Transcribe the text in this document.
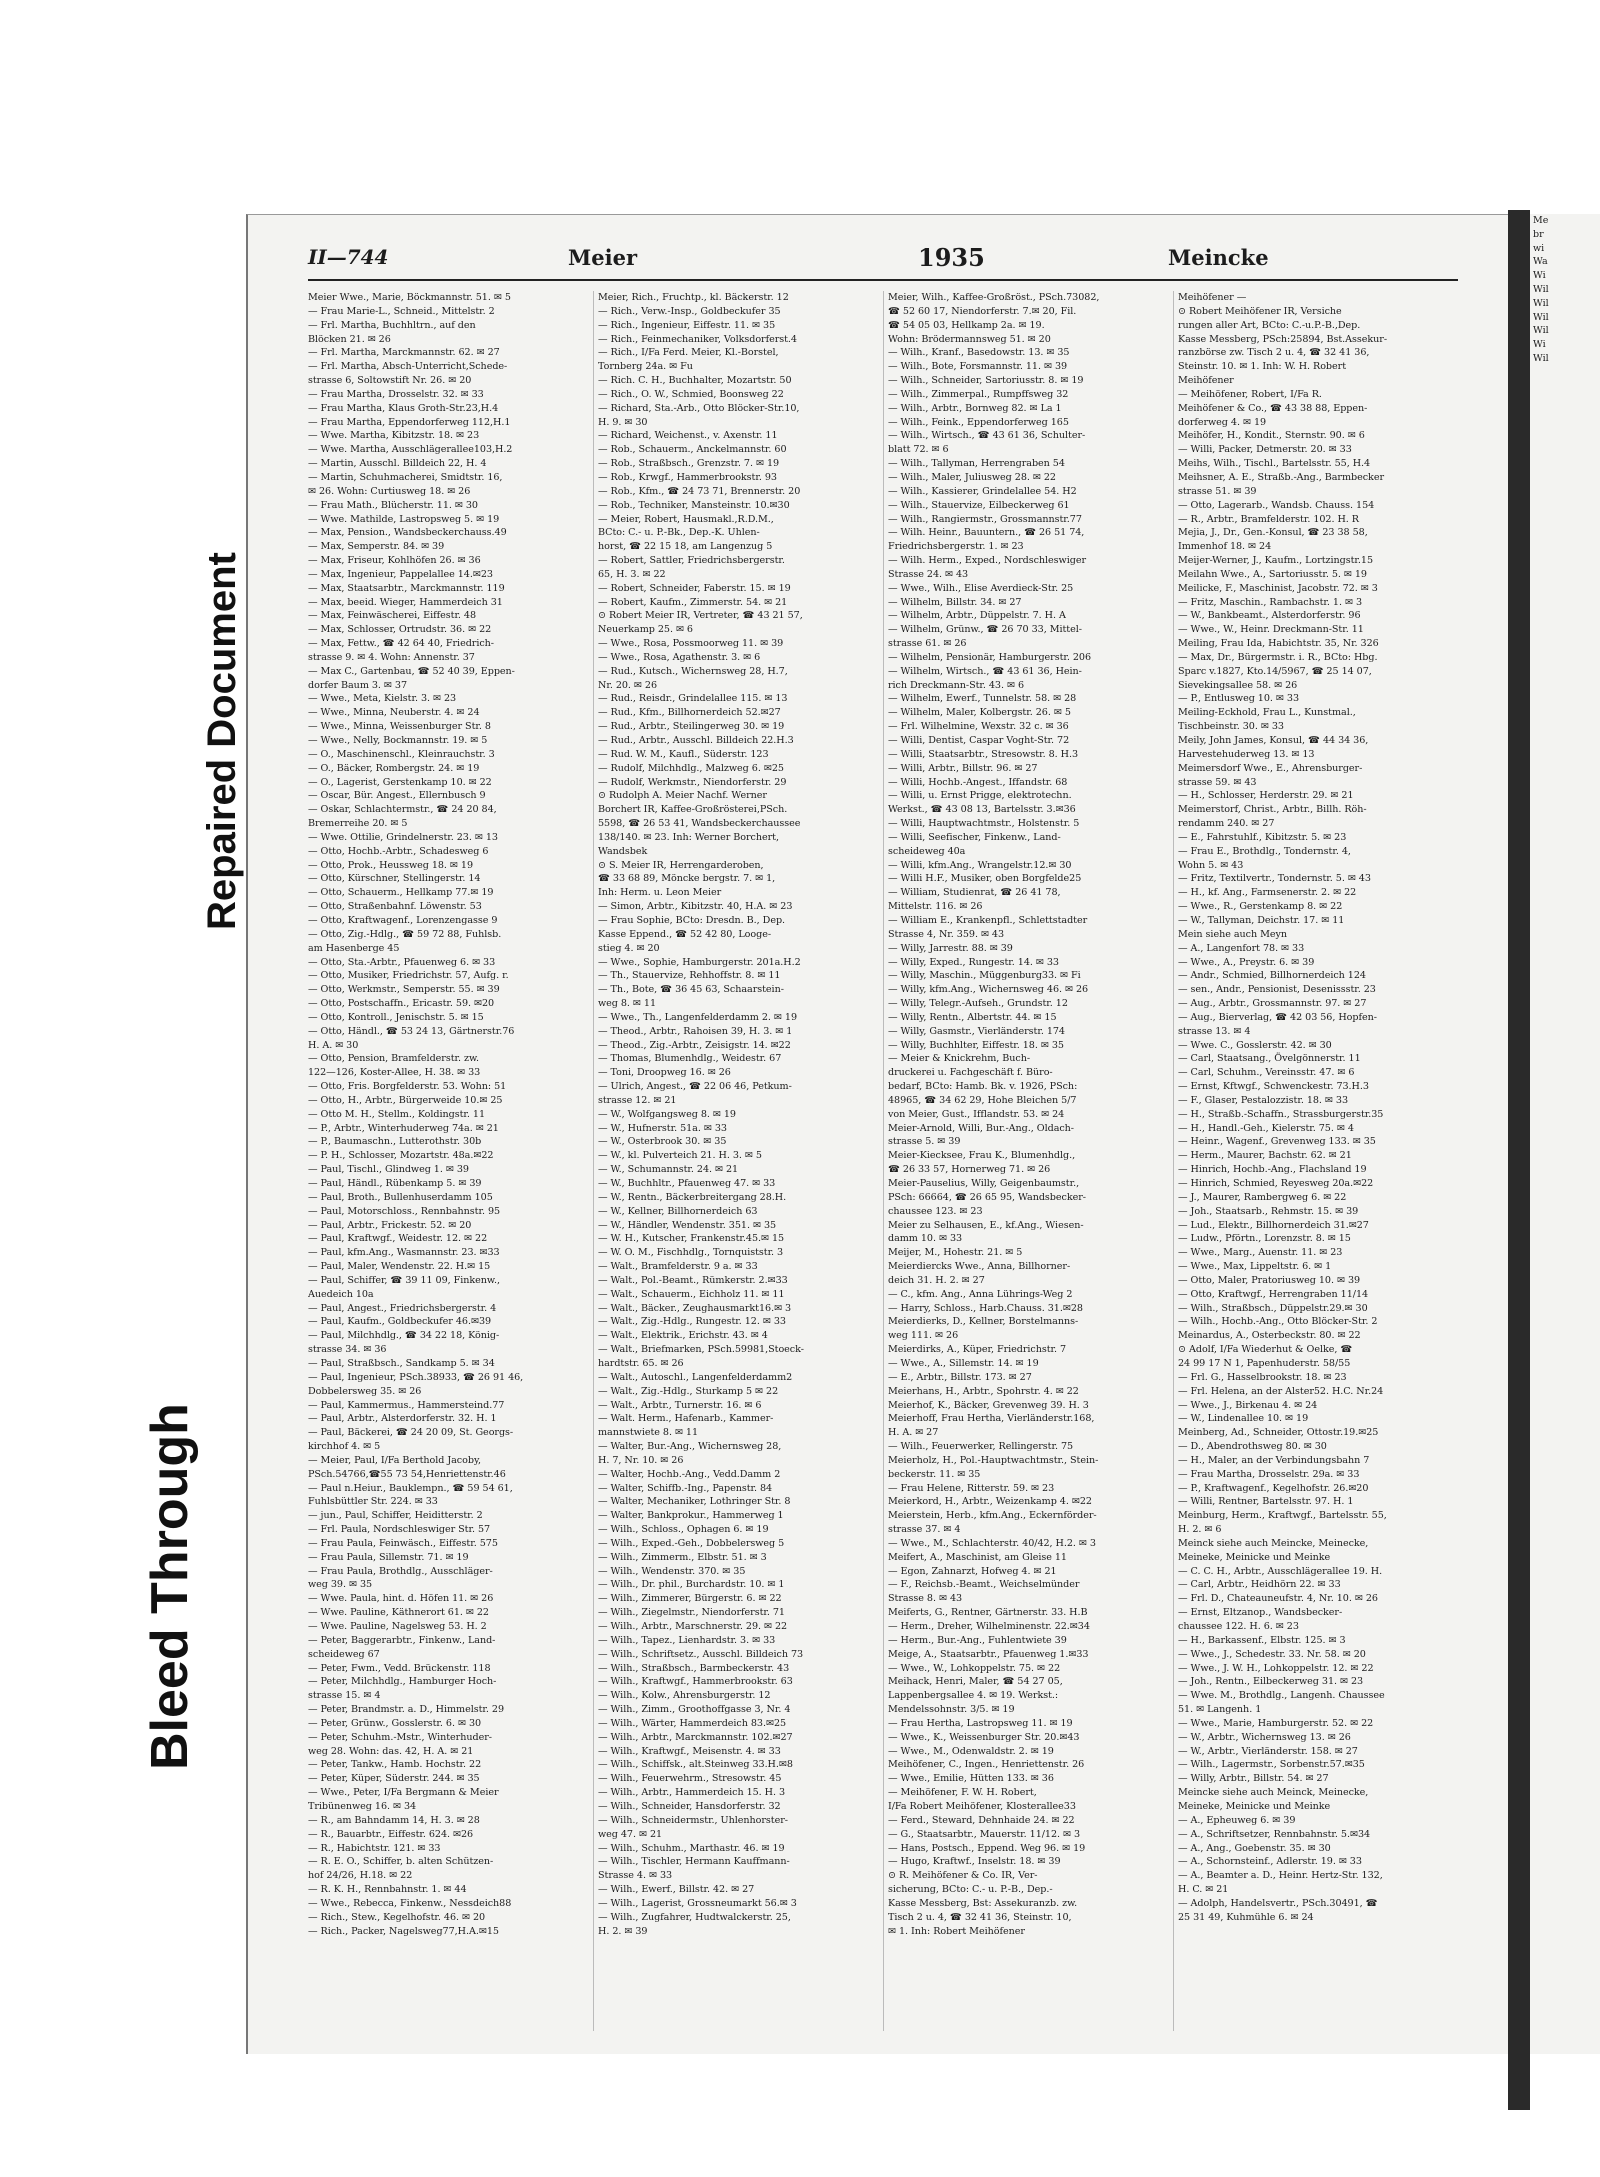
Bleed Through
Repaired Document
II—744	Meier	1935	Meincke
Meier Wwe., Marie, Böckmannstr. 51. ✉ 5
— Frau Marie-L., Schneid., Mittelstr. 2
— Frl. Martha, Buchhltrn., auf den
Blöcken 21. ✉ 26
— Frl. Martha, Marckmannstr. 62. ✉ 27
— Frl. Martha, Absch-Unterricht,Schede-
strasse 6, Soltowstift Nr. 26. ✉ 20
— Frau Martha, Drosselstr. 32. ✉ 33
— Frau Martha, Klaus Groth-Str.23,H.4
— Frau Martha, Eppendorferweg 112,H.1
— Wwe. Martha, Kibitzstr. 18. ✉ 23
— Wwe. Martha, Ausschlägerallee103,H.2
— Martin, Ausschl. Billdeich 22, H. 4
— Martin, Schuhmacherei, Smidtstr. 16,
✉ 26. Wohn: Curtiusweg 18. ✉ 26
— Frau Math., Blücherstr. 11. ✉ 30
— Wwe. Mathilde, Lastropsweg 5. ✉ 19
— Max, Pension., Wandsbeckerchauss.49
— Max, Semperstr. 84. ✉ 39
— Max, Friseur, Kohlhöfen 26. ✉ 36
— Max, Ingenieur, Pappelallee 14.✉23
— Max, Staatsarbtr., Marckmannstr. 119
— Max, beeid. Wieger, Hammerdeich 31
— Max, Feinwäscherei, Eiffestr. 48
— Max, Schlosser, Ortrudstr. 36. ✉ 22
— Max, Fettw., ☎ 42 64 40, Friedrich-
strasse 9. ✉ 4. Wohn: Annenstr. 37
— Max C., Gartenbau, ☎ 52 40 39, Eppen-
dorfer Baum 3. ✉ 37
— Wwe., Meta, Kielstr. 3. ✉ 23
— Wwe., Minna, Neuberstr. 4. ✉ 24
— Wwe., Minna, Weissenburger Str. 8
— Wwe., Nelly, Bockmannstr. 19. ✉ 5
— O., Maschinenschl., Kleinrauchstr. 3
— O., Bäcker, Rombergstr. 24. ✉ 19
— O., Lagerist, Gerstenkamp 10. ✉ 22
— Oscar, Bür. Angest., Ellernbusch 9
— Oskar, Schlachtermstr., ☎ 24 20 84,
Bremerreihe 20. ✉ 5
— Wwe. Ottilie, Grindelnerstr. 23. ✉ 13
— Otto, Hochb.-Arbtr., Schadesweg 6
— Otto, Prok., Heussweg 18. ✉ 19
— Otto, Kürschner, Stellingerstr. 14
— Otto, Schauerm., Hellkamp 77.✉ 19
— Otto, Straßenbahnf. Löwenstr. 53
— Otto, Kraftwagenf., Lorenzengasse 9
— Otto, Zig.-Hdlg., ☎ 59 72 88, Fuhlsb.
am Hasenberge 45
— Otto, Sta.-Arbtr., Pfauenweg 6. ✉ 33
— Otto, Musiker, Friedrichstr. 57, Aufg. r.
— Otto, Werkmstr., Semperstr. 55. ✉ 39
— Otto, Postschaffn., Ericastr. 59. ✉20
— Otto, Kontroll., Jenischstr. 5. ✉ 15
— Otto, Händl., ☎ 53 24 13, Gärtnerstr.76
H. A. ✉ 30
— Otto, Pension, Bramfelderstr. zw.
122—126, Koster-Allee, H. 38. ✉ 33
— Otto, Fris. Borgfelderstr. 53. Wohn: 51
— Otto, H., Arbtr., Bürgerweide 10.✉ 25
— Otto M. H., Stellm., Koldingstr. 11
— P., Arbtr., Winterhuderweg 74a. ✉ 21
— P., Baumaschn., Lutterothstr. 30b
— P. H., Schlosser, Mozartstr. 48a.✉22
— Paul, Tischl., Glindweg 1. ✉ 39
— Paul, Händl., Rübenkamp 5. ✉ 39
— Paul, Broth., Bullenhuserdamm 105
— Paul, Motorschloss., Rennbahnstr. 95
— Paul, Arbtr., Frickestr. 52. ✉ 20
— Paul, Kraftwgf., Weidestr. 12. ✉ 22
— Paul, kfm.Ang., Wasmannstr. 23. ✉33
— Paul, Maler, Wendenstr. 22. H.✉ 15
— Paul, Schiffer, ☎ 39 11 09, Finkenw.,
Auedeich 10a
— Paul, Angest., Friedrichsbergerstr. 4
— Paul, Kaufm., Goldbeckufer 46.✉39
— Paul, Milchhdlg., ☎ 34 22 18, König-
strasse 34. ✉ 36
— Paul, Straßbsch., Sandkamp 5. ✉ 34
— Paul, Ingenieur, PSch.38933, ☎ 26 91 46,
Dobbelersweg 35. ✉ 26
— Paul, Kammermus., Hammersteind.77
— Paul, Arbtr., Alsterdorferstr. 32. H. 1
— Paul, Bäckerei, ☎ 24 20 09, St. Georgs-
kirchhof 4. ✉ 5
— Meier, Paul, I/Fa Berthold Jacoby,
PSch.54766,☎55 73 54,Henriettenstr.46
— Paul n.Heiur., Bauklempn., ☎ 59 54 61,
Fuhlsbüttler Str. 224. ✉ 33
— jun., Paul, Schiffer, Heiditterstr. 2
— Frl. Paula, Nordschleswiger Str. 57
— Frau Paula, Feinwäsch., Eiffestr. 575
— Frau Paula, Sillemstr. 71. ✉ 19
— Frau Paula, Brothdlg., Ausschläger-
weg 39. ✉ 35
— Wwe. Paula, hint. d. Höfen 11. ✉ 26
— Wwe. Pauline, Käthnerort 61. ✉ 22
— Wwe. Pauline, Nagelsweg 53. H. 2
— Peter, Baggerarbtr., Finkenw., Land-
scheideweg 67
— Peter, Fwm., Vedd. Brückenstr. 118
— Peter, Milchhdlg., Hamburger Hoch-
strasse 15. ✉ 4
— Peter, Brandmstr. a. D., Himmelstr. 29
— Peter, Grünw., Gosslerstr. 6. ✉ 30
— Peter, Schuhm.-Mstr., Winterhuder-
weg 28. Wohn: das. 42, H. A. ✉ 21
— Peter, Tankw., Hamb. Hochstr. 22
— Peter, Küper, Süderstr. 244. ✉ 35
— Wwe., Peter, I/Fa Bergmann & Meier
Tribünenweg 16. ✉ 34
— R., am Bahndamm 14, H. 3. ✉ 28
— R., Bauarbtr., Eiffestr. 624. ✉26
— R., Habichtstr. 121. ✉ 33
— R. E. O., Schiffer, b. alten Schützen-
hof 24/26, H.18. ✉ 22
— R. K. H., Rennbahnstr. 1. ✉ 44
— Wwe., Rebecca, Finkenw., Nessdeich88
— Rich., Stew., Kegelhofstr. 46. ✉ 20
— Rich., Packer, Nagelsweg77,H.A.✉15
Meier, Rich., Fruchtp., kl. Bäckerstr. 12
— Rich., Verw.-Insp., Goldbeckufer 35
— Rich., Ingenieur, Eiffestr. 11. ✉ 35
— Rich., Feinmechaniker, Volksdorferst.4
— Rich., I/Fa Ferd. Meier, Kl.-Borstel,
Tornberg 24a. ✉ Fu
— Rich. C. H., Buchhalter, Mozartstr. 50
— Rich., O. W., Schmied, Boonsweg 22
— Richard, Sta.-Arb., Otto Blöcker-Str.10,
H. 9. ✉ 30
— Richard, Weichenst., v. Axenstr. 11
— Rob., Schauerm., Anckelmannstr. 60
— Rob., Straßbsch., Grenzstr. 7. ✉ 19
— Rob., Krwgf., Hammerbrookstr. 93
— Rob., Kfm., ☎ 24 73 71, Brennerstr. 20
— Rob., Techniker, Mansteinstr. 10.✉30
— Meier, Robert, Hausmakl.,R.D.M.,
BCto: C.- u. P.-Bk., Dep.-K. Uhlen-
horst, ☎ 22 15 18, am Langenzug 5
— Robert, Sattler, Friedrichsbergerstr.
65, H. 3. ✉ 22
— Robert, Schneider, Faberstr. 15. ✉ 19
— Robert, Kaufm., Zimmerstr. 54. ✉ 21
⊙ Robert Meier IR, Vertreter, ☎ 43 21 57,
Neuerkamp 25. ✉ 6
— Wwe., Rosa, Possmoorweg 11. ✉ 39
— Wwe., Rosa, Agathenstr. 3. ✉ 6
— Rud., Kutsch., Wichernsweg 28, H.7,
Nr. 20. ✉ 26
— Rud., Reisdr., Grindelallee 115. ✉ 13
— Rud., Kfm., Billhornerdeich 52.✉27
— Rud., Arbtr., Steilingerweg 30. ✉ 19
— Rud., Arbtr., Ausschl. Billdeich 22.H.3
— Rud. W. M., Kaufl., Süderstr. 123
— Rudolf, Milchhdlg., Malzweg 6. ✉25
— Rudolf, Werkmstr., Niendorferstr. 29
⊙ Rudolph A. Meier Nachf. Werner
Borchert IR, Kaffee-Großrösterei,PSch.
5598, ☎ 26 53 41, Wandsbeckerchaussee
138/140. ✉ 23. Inh: Werner Borchert,
Wandsbek
⊙ S. Meier IR, Herrengarderoben,
☎ 33 68 89, Möncke bergstr. 7. ✉ 1,
Inh: Herm. u. Leon Meier
— Simon, Arbtr., Kibitzstr. 40, H.A. ✉ 23
— Frau Sophie, BCto: Dresdn. B., Dep.
Kasse Eppend., ☎ 52 42 80, Looge-
stieg 4. ✉ 20
— Wwe., Sophie, Hamburgerstr. 201a.H.2
— Th., Stauervize, Rehhoffstr. 8. ✉ 11
— Th., Bote, ☎ 36 45 63, Schaarstein-
weg 8. ✉ 11
— Wwe., Th., Langenfelderdamm 2. ✉ 19
— Theod., Arbtr., Rahoisen 39, H. 3. ✉ 1
— Theod., Zig.-Arbtr., Zeisigstr. 14. ✉22
— Thomas, Blumenhdlg., Weidestr. 67
— Toni, Droopweg 16. ✉ 26
— Ulrich, Angest., ☎ 22 06 46, Petkum-
strasse 12. ✉ 21
— W., Wolfgangsweg 8. ✉ 19
— W., Hufnerstr. 51a. ✉ 33
— W., Osterbrook 30. ✉ 35
— W., kl. Pulverteich 21. H. 3. ✉ 5
— W., Schumannstr. 24. ✉ 21
— W., Buchhltr., Pfauenweg 47. ✉ 33
— W., Rentn., Bäckerbreitergang 28.H.
— W., Kellner, Billhornerdeich 63
— W., Händler, Wendenstr. 351. ✉ 35
— W. H., Kutscher, Frankenstr.45.✉ 15
— W. O. M., Fischhdlg., Tornquiststr. 3
— Walt., Bramfelderstr. 9 a. ✉ 33
— Walt., Pol.-Beamt., Rümkerstr. 2.✉33
— Walt., Schauerm., Eichholz 11. ✉ 11
— Walt., Bäcker., Zeughausmarkt16.✉ 3
— Walt., Zig.-Hdlg., Rungestr. 12. ✉ 33
— Walt., Elektrik., Erichstr. 43. ✉ 4
— Walt., Briefmarken, PSch.59981,Stoeck-
hardtstr. 65. ✉ 26
— Walt., Autoschl., Langenfelderdamm2
— Walt., Zig.-Hdlg., Sturkamp 5 ✉ 22
— Walt., Arbtr., Turnerstr. 16. ✉ 6
— Walt. Herm., Hafenarb., Kammer-
mannstwiete 8. ✉ 11
— Walter, Bur.-Ang., Wichernsweg 28,
H. 7, Nr. 10. ✉ 26
— Walter, Hochb.-Ang., Vedd.Damm 2
— Walter, Schiffb.-Ing., Papenstr. 84
— Walter, Mechaniker, Lothringer Str. 8
— Walter, Bankprokur., Hammerweg 1
— Wilh., Schloss., Ophagen 6. ✉ 19
— Wilh., Exped.-Geh., Dobbelersweg 5
— Wilh., Zimmerm., Elbstr. 51. ✉ 3
— Wilh., Wendenstr. 370. ✉ 35
— Wilh., Dr. phil., Burchardstr. 10. ✉ 1
— Wilh., Zimmerer, Bürgerstr. 6. ✉ 22
— Wilh., Ziegelmstr., Niendorferstr. 71
— Wilh., Arbtr., Marschnerstr. 29. ✉ 22
— Wilh., Tapez., Lienhardstr. 3. ✉ 33
— Wilh., Schriftsetz., Ausschl. Billdeich 73
— Wilh., Straßbsch., Barmbeckerstr. 43
— Wilh., Kraftwgf., Hammerbrookstr. 63
— Wilh., Kolw., Ahrensburgerstr. 12
— Wilh., Zimm., Groothoffgasse 3, Nr. 4
— Wilh., Wärter, Hammerdeich 83.✉25
— Wilh., Arbtr., Marckmannstr. 102.✉27
— Wilh., Kraftwgf., Meisenstr. 4. ✉ 33
— Wilh., Schiffsk., alt.Steinweg 33.H.✉8
— Wilh., Feuerwehrm., Stresowstr. 45
— Wilh., Arbtr., Hammerdeich 15. H. 3
— Wilh., Schneider, Hansdorferstr. 32
— Wilh., Schneidermstr., Uhlenhorster-
weg 47. ✉ 21
— Wilh., Schuhm., Marthastr. 46. ✉ 19
— Wilh., Tischler, Hermann Kauffmann-
Strasse 4. ✉ 33
— Wilh., Ewerf., Billstr. 42. ✉ 27
— Wilh., Lagerist, Grossneumarkt 56.✉ 3
— Wilh., Zugfahrer, Hudtwalckerstr. 25,
H. 2. ✉ 39
Meier, Wilh., Kaffee-Großröst., PSch.73082,
☎ 52 60 17, Niendorferstr. 7.✉ 20, Fil.
☎ 54 05 03, Hellkamp 2a. ✉ 19.
Wohn: Brödermannsweg 51. ✉ 20
— Wilh., Kranf., Basedowstr. 13. ✉ 35
— Wilh., Bote, Forsmannstr. 11. ✉ 39
— Wilh., Schneider, Sartoriusstr. 8. ✉ 19
— Wilh., Zimmerpal., Rumpffsweg 32
— Wilh., Arbtr., Bornweg 82. ✉ La 1
— Wilh., Feink., Eppendorferweg 165
— Wilh., Wirtsch., ☎ 43 61 36, Schulter-
blatt 72. ✉ 6
— Wilh., Tallyman, Herrengraben 54
— Wilh., Maler, Juliusweg 28. ✉ 22
— Wilh., Kassierer, Grindelallee 54. H2
— Wilh., Stauervize, Eilbeckerweg 61
— Wilh., Rangiermstr., Grossmannstr.77
— Wilh. Heinr., Bauuntern., ☎ 26 51 74,
Friedrichsbergerstr. 1. ✉ 23
— Wilh. Herm., Exped., Nordschleswiger
Strasse 24. ✉ 43
— Wwe., Wilh., Elise Averdieck-Str. 25
— Wilhelm, Billstr. 34. ✉ 27
— Wilhelm, Arbtr., Düppelstr. 7. H. A
— Wilhelm, Grünw., ☎ 26 70 33, Mittel-
strasse 61. ✉ 26
— Wilhelm, Pensionär, Hamburgerstr. 206
— Wilhelm, Wirtsch., ☎ 43 61 36, Hein-
rich Dreckmann-Str. 43. ✉ 6
— Wilhelm, Ewerf., Tunnelstr. 58. ✉ 28
— Wilhelm, Maler, Kolbergstr. 26. ✉ 5
— Frl. Wilhelmine, Wexstr. 32 c. ✉ 36
— Willi, Dentist, Caspar Voght-Str. 72
— Willi, Staatsarbtr., Stresowstr. 8. H.3
— Willi, Arbtr., Billstr. 96. ✉ 27
— Willi, Hochb.-Angest., Iffandstr. 68
— Willi, u. Ernst Prigge, elektrotechn.
Werkst., ☎ 43 08 13, Bartelsstr. 3.✉36
— Willi, Hauptwachtmstr., Holstenstr. 5
— Willi, Seefischer, Finkenw., Land-
scheideweg 40a
— Willi, kfm.Ang., Wrangelstr.12.✉ 30
— Willi H.F., Musiker, oben Borgfelde25
— William, Studienrat, ☎ 26 41 78,
Mittelstr. 116. ✉ 26
— William E., Krankenpfl., Schlettstadter
Strasse 4, Nr. 359. ✉ 43
— Willy, Jarrestr. 88. ✉ 39
— Willy, Exped., Rungestr. 14. ✉ 33
— Willy, Maschin., Müggenburg33. ✉ Fi
— Willy, kfm.Ang., Wichernsweg 46. ✉ 26
— Willy, Telegr.-Aufseh., Grundstr. 12
— Willy, Rentn., Albertstr. 44. ✉ 15
— Willy, Gasmstr., Vierländerstr. 174
— Willy, Buchhlter, Eiffestr. 18. ✉ 35
— Meier & Knickrehm, Buch-
druckerei u. Fachgeschäft f. Büro-
bedarf, BCto: Hamb. Bk. v. 1926, PSch:
48965, ☎ 34 62 29, Hohe Bleichen 5/7
von Meier, Gust., Ifflandstr. 53. ✉ 24
Meier-Arnold, Willi, Bur.-Ang., Oldach-
strasse 5. ✉ 39
Meier-Kiecksee, Frau K., Blumenhdlg.,
☎ 26 33 57, Hornerweg 71. ✉ 26
Meier-Pauselius, Willy, Geigenbaumstr.,
PSch: 66664, ☎ 26 65 95, Wandsbecker-
chaussee 123. ✉ 23
Meier zu Selhausen, E., kf.Ang., Wiesen-
damm 10. ✉ 33
Meijer, M., Hohestr. 21. ✉ 5
Meierdiercks Wwe., Anna, Billhorner-
deich 31. H. 2. ✉ 27
— C., kfm. Ang., Anna Lührings-Weg 2
— Harry, Schloss., Harb.Chauss. 31.✉28
Meierdierks, D., Kellner, Borstelmanns-
weg 111. ✉ 26
Meierdirks, A., Küper, Friedrichstr. 7
— Wwe., A., Sillemstr. 14. ✉ 19
— E., Arbtr., Billstr. 173. ✉ 27
Meierhans, H., Arbtr., Spohrstr. 4. ✉ 22
Meierhof, K., Bäcker, Grevenweg 39. H. 3
Meierhoff, Frau Hertha, Vierländerstr.168,
H. A. ✉ 27
— Wilh., Feuerwerker, Rellingerstr. 75
Meierholz, H., Pol.-Hauptwachtmstr., Stein-
beckerstr. 11. ✉ 35
— Frau Helene, Ritterstr. 59. ✉ 23
Meierkord, H., Arbtr., Weizenkamp 4. ✉22
Meierstein, Herb., kfm.Ang., Eckernförder-
strasse 37. ✉ 4
— Wwe., M., Schlachterstr. 40/42, H.2. ✉ 3
Meifert, A., Maschinist, am Gleise 11
— Egon, Zahnarzt, Hofweg 4. ✉ 21
— F., Reichsb.-Beamt., Weichselmünder
Strasse 8. ✉ 43
Meiferts, G., Rentner, Gärtnerstr. 33. H.B
— Herm., Dreher, Wilhelminenstr. 22.✉34
— Herm., Bur.-Ang., Fuhlentwiete 39
Meige, A., Staatsarbtr., Pfauenweg 1.✉33
— Wwe., W., Lohkoppelstr. 75. ✉ 22
Meihack, Henri, Maler, ☎ 54 27 05,
Lappenbergsallee 4. ✉ 19. Werkst.:
Mendelssohnstr. 3/5. ✉ 19
— Frau Hertha, Lastropsweg 11. ✉ 19
— Wwe., K., Weissenburger Str. 20.✉43
— Wwe., M., Odenwaldstr. 2. ✉ 19
Meihöfener, C., Ingen., Henriettenstr. 26
— Wwe., Emilie, Hütten 133. ✉ 36
— Meihöfener, F. W. H. Robert,
I/Fa Robert Meihöfener, Klosterallee33
— Ferd., Steward, Dehnhaide 24. ✉ 22
— G., Staatsarbtr., Mauerstr. 11/12. ✉ 3
— Hans, Postsch., Eppend. Weg 96. ✉ 19
— Hugo, Kraftwf., Inselstr. 18. ✉ 39
⊙ R. Meihöfener & Co. IR, Ver-
sicherung, BCto: C.- u. P.-B., Dep.-
Kasse Messberg, Bst: Assekuranzb. zw.
Tisch 2 u. 4, ☎ 32 41 36, Steinstr. 10,
✉ 1. Inh: Robert Meihöfener
Meihöfener —
⊙ Robert Meihöfener IR, Versiche
rungen aller Art, BCto: C.-u.P.-B.,Dep.
Kasse Messberg, PSch:25894, Bst.Assekur-
ranzbörse zw. Tisch 2 u. 4, ☎ 32 41 36,
Steinstr. 10. ✉ 1. Inh: W. H. Robert
Meihöfener
— Meihöfener, Robert, I/Fa R.
Meihöfener & Co., ☎ 43 38 88, Eppen-
dorferweg 4. ✉ 19
Meihöfer, H., Kondit., Sternstr. 90. ✉ 6
— Willi, Packer, Detmerstr. 20. ✉ 33
Meihs, Wilh., Tischl., Bartelsstr. 55, H.4
Meihsner, A. E., Straßb.-Ang., Barmbecker
strasse 51. ✉ 39
— Otto, Lagerarb., Wandsb. Chauss. 154
— R., Arbtr., Bramfelderstr. 102. H. R
Mejia, J., Dr., Gen.-Konsul, ☎ 23 38 58,
Immenhof 18. ✉ 24
Meijer-Werner, J., Kaufm., Lortzingstr.15
Meilahn Wwe., A., Sartoriusstr. 5. ✉ 19
Meilicke, F., Maschinist, Jacobstr. 72. ✉ 3
— Fritz, Maschin., Rambachstr. 1. ✉ 3
— W., Bankbeamt., Alsterdorferstr. 96
— Wwe., W., Heinr. Dreckmann-Str. 11
Meiling, Frau Ida, Habichtstr. 35, Nr. 326
— Max, Dr., Bürgermstr. i. R., BCto: Hbg.
Sparc v.1827, Kto.14/5967, ☎ 25 14 07,
Sievekingsallee 58. ✉ 26
— P., Entlusweg 10. ✉ 33
Meiling-Eckhold, Frau L., Kunstmal.,
Tischbeinstr. 30. ✉ 33
Meily, John James, Konsul, ☎ 44 34 36,
Harvestehuderweg 13. ✉ 13
Meimersdorf Wwe., E., Ahrensburger-
strasse 59. ✉ 43
— H., Schlosser, Herderstr. 29. ✉ 21
Meimerstorf, Christ., Arbtr., Billh. Röh-
rendamm 240. ✉ 27
— E., Fahrstuhlf., Kibitzstr. 5. ✉ 23
— Frau E., Brothdlg., Tondernstr. 4,
Wohn 5. ✉ 43
— Fritz, Textilvertr., Tondernstr. 5. ✉ 43
— H., kf. Ang., Farmsenerstr. 2. ✉ 22
— Wwe., R., Gerstenkamp 8. ✉ 22
— W., Tallyman, Deichstr. 17. ✉ 11
Mein siehe auch Meyn
— A., Langenfort 78. ✉ 33
— Wwe., A., Preystr. 6. ✉ 39
— Andr., Schmied, Billhornerdeich 124
— sen., Andr., Pensionist, Desenissstr. 23
— Aug., Arbtr., Grossmannstr. 97. ✉ 27
— Aug., Bierverlag, ☎ 42 03 56, Hopfen-
strasse 13. ✉ 4
— Wwe. C., Gosslerstr. 42. ✉ 30
— Carl, Staatsang., Övelgönnerstr. 11
— Carl, Schuhm., Vereinsstr. 47. ✉ 6
— Ernst, Kftwgf., Schwenckestr. 73.H.3
— F., Glaser, Pestalozzistr. 18. ✉ 33
— H., Straßb.-Schaffn., Strassburgerstr.35
— H., Handl.-Geh., Kielerstr. 75. ✉ 4
— Heinr., Wagenf., Grevenweg 133. ✉ 35
— Herm., Maurer, Bachstr. 62. ✉ 21
— Hinrich, Hochb.-Ang., Flachsland 19
— Hinrich, Schmied, Reyesweg 20a.✉22
— J., Maurer, Rambergweg 6. ✉ 22
— Joh., Staatsarb., Rehmstr. 15. ✉ 39
— Lud., Elektr., Billhornerdeich 31.✉27
— Ludw., Pförtn., Lorenzstr. 8. ✉ 15
— Wwe., Marg., Auenstr. 11. ✉ 23
— Wwe., Max, Lippeltstr. 6. ✉ 1
— Otto, Maler, Pratoriusweg 10. ✉ 39
— Otto, Kraftwgf., Herrengraben 11/14
— Wilh., Straßbsch., Düppelstr.29.✉ 30
— Wilh., Hochb.-Ang., Otto Blöcker-Str. 2
Meinardus, A., Osterbeckstr. 80. ✉ 22
⊙ Adolf, I/Fa Wiederhut & Oelke, ☎
24 99 17 N 1, Papenhuderstr. 58/55
— Frl. G., Hasselbrookstr. 18. ✉ 23
— Frl. Helena, an der Alster52. H.C. Nr.24
— Wwe., J., Birkenau 4. ✉ 24
— W., Lindenallee 10. ✉ 19
Meinberg, Ad., Schneider, Ottostr.19.✉25
— D., Abendrothsweg 80. ✉ 30
— H., Maler, an der Verbindungsbahn 7
— Frau Martha, Drosselstr. 29a. ✉ 33
— P., Kraftwagenf., Kegelhofstr. 26.✉20
— Willi, Rentner, Bartelsstr. 97. H. 1
Meinburg, Herm., Kraftwgf., Bartelsstr. 55,
H. 2. ✉ 6
Meinck siehe auch Meincke, Meinecke,
Meineke, Meinicke und Meinke
— C. C. H., Arbtr., Ausschlägerallee 19. H.
— Carl, Arbtr., Heidhörn 22. ✉ 33
— Frl. D., Chateauneufstr. 4, Nr. 10. ✉ 26
— Ernst, Eltzanop., Wandsbecker-
chaussee 122. H. 6. ✉ 23
— H., Barkassenf., Elbstr. 125. ✉ 3
— Wwe., J., Schedestr. 33. Nr. 58. ✉ 20
— Wwe., J. W. H., Lohkoppelstr. 12. ✉ 22
— Joh., Rentn., Eilbeckerweg 31. ✉ 23
— Wwe. M., Brothdlg., Langenh. Chaussee
51. ✉ Langenh. 1
— Wwe., Marie, Hamburgerstr. 52. ✉ 22
— W., Arbtr., Wichernsweg 13. ✉ 26
— W., Arbtr., Vierländerstr. 158. ✉ 27
— Wilh., Lagermstr., Sorbenstr.57.✉35
— Willy, Arbtr., Billstr. 54. ✉ 27
Meincke siehe auch Meinck, Meinecke,
Meineke, Meinicke und Meinke
— A., Epheuweg 6. ✉ 39
— A., Schriftsetzer, Rennbahnstr. 5.✉34
— A., Ang., Goebenstr. 35. ✉ 30
— A., Schornsteinf., Adlerstr. 19. ✉ 33
— A., Beamter a. D., Heinr. Hertz-Str. 132,
H. C. ✉ 21
— Adolph, Handelsvertr., PSch.30491, ☎
25 31 49, Kuhmühle 6. ✉ 24
Me
br
wi
Wa
Wi
Wil
Wil
Wil
Wil
Wi
Wil
